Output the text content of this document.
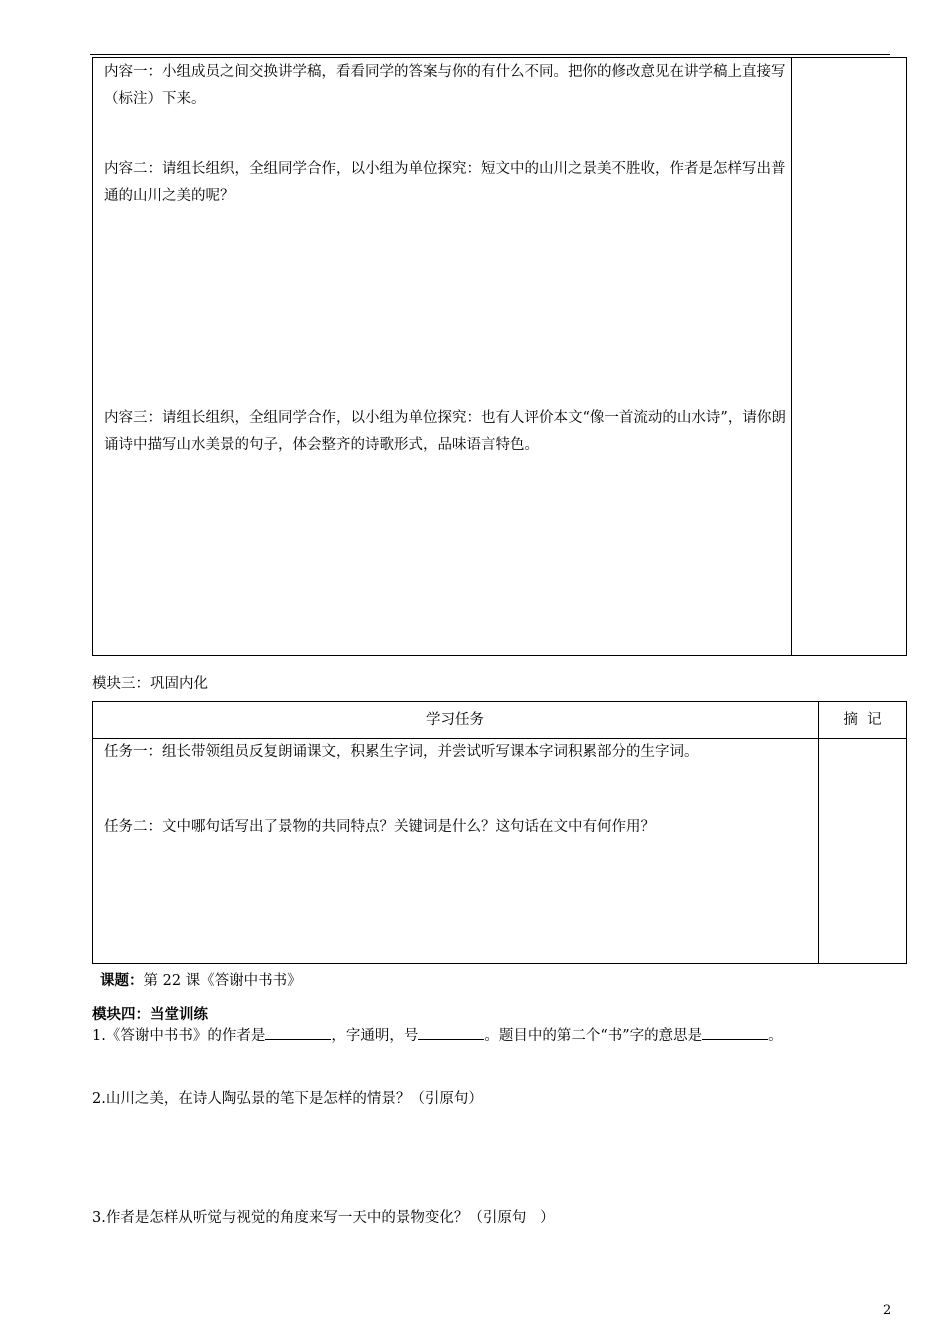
内容一：小组成员之间交换讲学稿，看看同学的答案与你的有什么不同。把你的修改意见在讲学稿上直接写（标注）下来。
内容二：请组长组织，全组同学合作，以小组为单位探究：短文中的山川之景美不胜收，作者是怎样写出普通的山川之美的呢？
内容三：请组长组织，全组同学合作，以小组为单位探究：也有人评价本文“像一首流动的山水诗”，请你朗诵诗中描写山水美景的句子，体会整齐的诗歌形式，品味语言特色。
模块三：巩固内化
学习任务	摘  记
任务一：组长带领组员反复朗诵课文，积累生字词，并尝试听写课本字词积累部分的生字词。
任务二：文中哪句话写出了景物的共同特点？关键词是什么？这句话在文中有何作用？
课题：第 22 课《答谢中书书》
模块四：当堂训练
1.《答谢中书书》的作者是	，字通明，号	。题目中的第二个“书”字的意思是	。
2.山川之美，在诗人陶弘景的笔下是怎样的情景？（引原句）
3.作者是怎样从听觉与视觉的角度来写一天中的景物变化？（引原句   ）
2
